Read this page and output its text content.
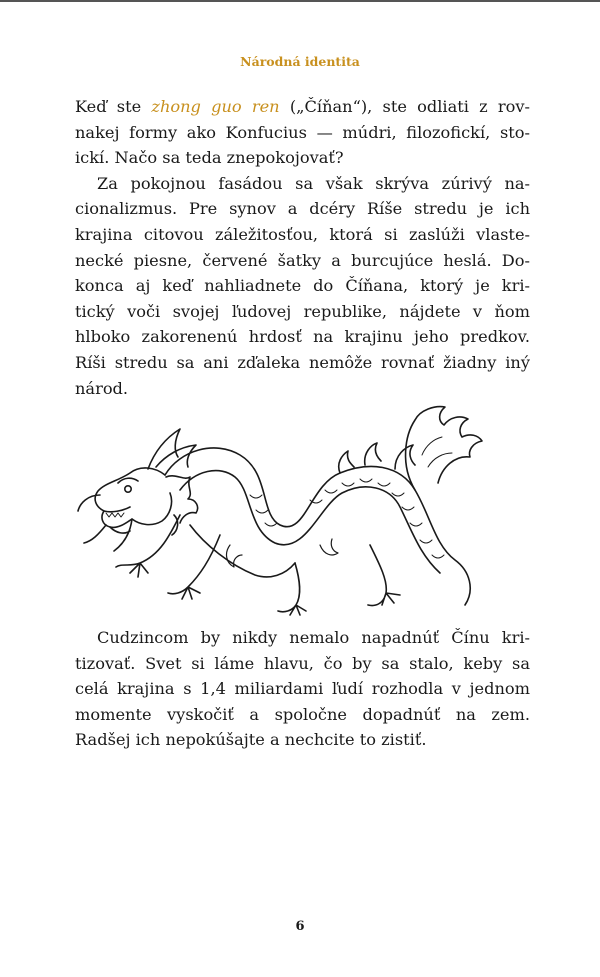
Národná identita

Keď ste zhong guo ren („Číňan“), ste odliati z rov-
nakej formy ako Konfucius — múdri, filozofickí, sto-
ickí. Načo sa teda znepokojovať?

Za pokojnou fasádou sa však skrýva zúrivý na-
cionalizmus. Pre synov a dcéry Ríše stredu je ich
krajina citovou záležitosťou, ktorá si zaslúži vlaste-
necké piesne, červené šatky a burcujúce heslá. Do-
konca aj keď nahliadnete do Číňana, ktorý je kri-
tický voči svojej ľudovej republike, nájdete v ňom
hlboko zakorenenú hrdosť na krajinu jeho predkov.
Ríši stredu sa ani zďaleka nemôže rovnať žiadny iný
národ.

Cudzincom by nikdy nemalo napadnúť Čínu kri-
tizovať. Svet si láme hlavu, čo by sa stalo, keby sa
celá krajina s 1,4 miliardami ľudí rozhodla v jednom
momente vyskočiť a spoločne dopadnúť na zem.
Radšej ich nepokúšajte a nechcite to zistiť.

6
